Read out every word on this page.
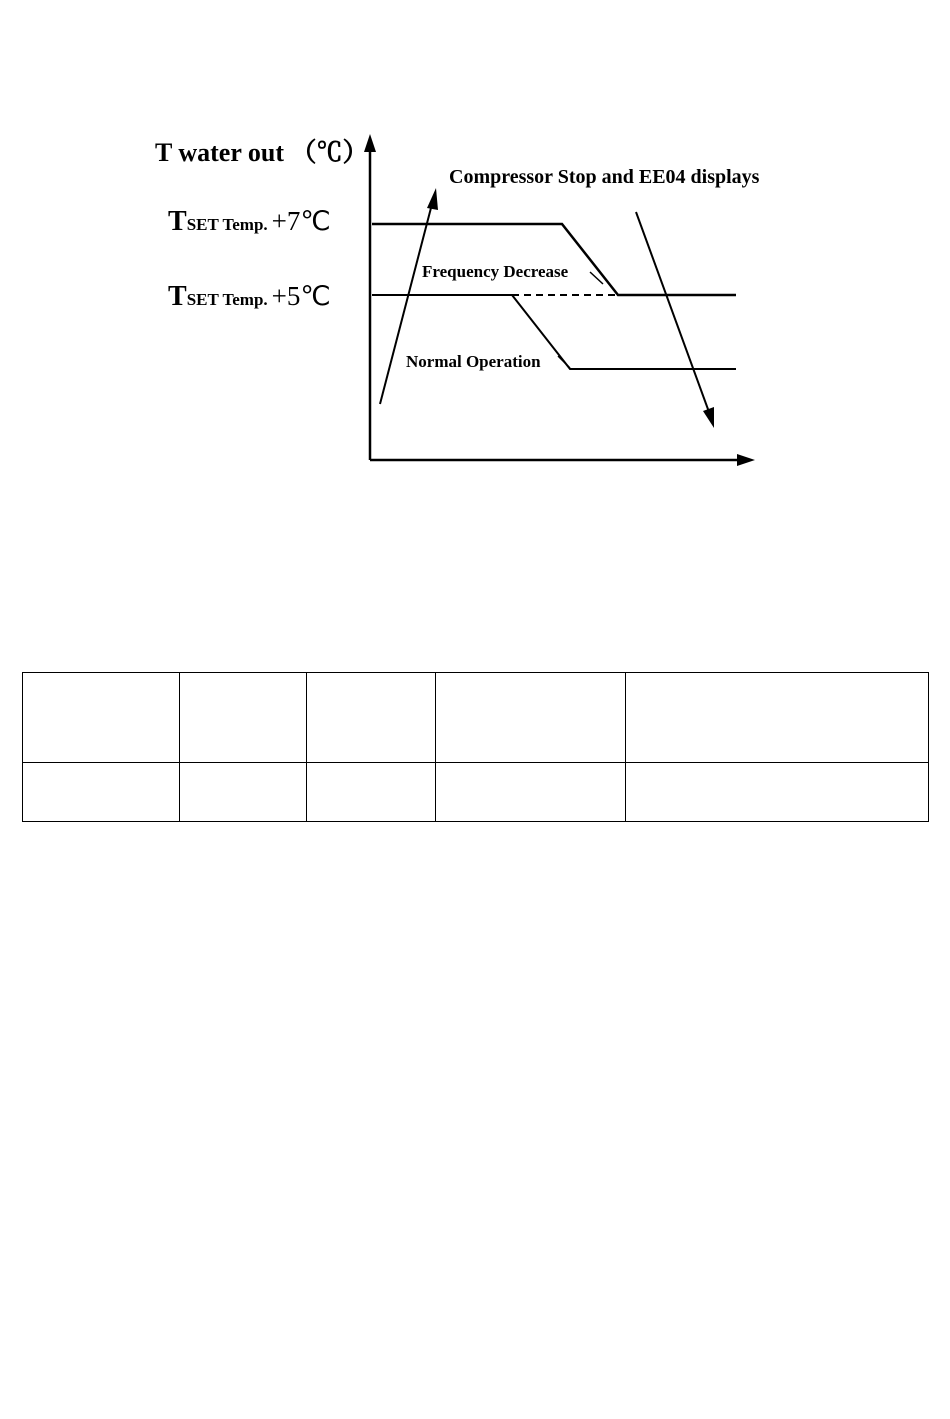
T water out （℃）
TSET Temp. +7℃
TSET Temp. +5℃
Compressor Stop and EE04 displays
Frequency Decrease
Normal Operation
